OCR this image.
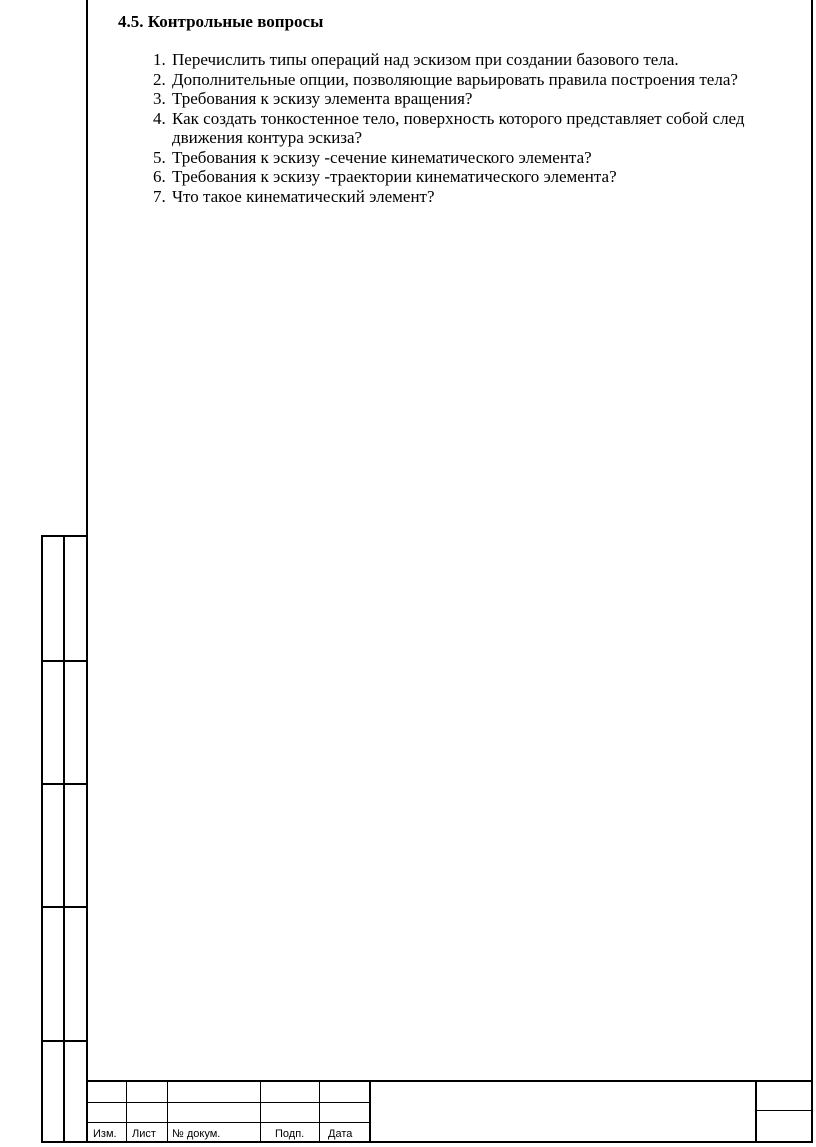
Изм. Лист № докум.	Подп. Дата
4.5. Контрольные вопросы
1. Перечислить типы операций над эскизом при создании базового тела.
2. Дополнительные опции, позволяющие варьировать правила построения тела?
3. Требования к эскизу элемента вращения?
4. Как создать тонкостенное тело, поверхность которого представляет собой след движения контура эскиза?
5. Требования к эскизу -сечение кинематического элемента?
6. Требования к эскизу -траектории кинематического элемента?
7. Что такое кинематический элемент?
